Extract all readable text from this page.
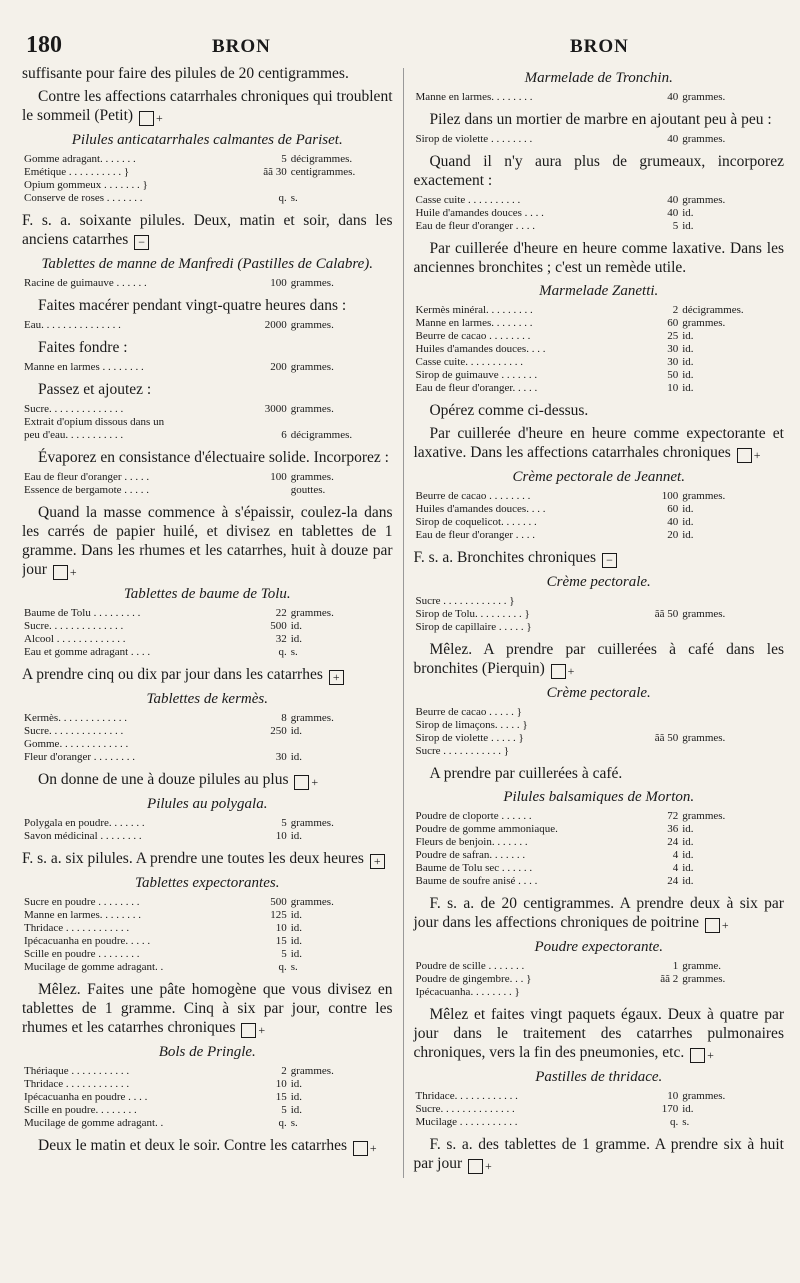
180	BRON	BRON

suffisante pour faire des pilules de 20 centigrammes.

Contre les affections catarrhales chroniques qui troublent le sommeil (Petit) +

Pilules anticatarrhales calmantes de Pariset.
Gomme adragant. . . . . . .	5	décigrammes.
Emétique . . . . . . . . . . }	ãã 30	centigrammes.
Opium gommeux . . . . . . . }		
Conserve de roses . . . . . . .	q.	s.

F. s. a. soixante pilules. Deux, matin et soir, dans les anciens catarrhes −

Tablettes de manne de Manfredi (Pastilles de Calabre).
Racine de guimauve . . . . . .	100	grammes.

Faites macérer pendant vingt-quatre heures dans :

Eau. . . . . . . . . . . . . . .	2000	grammes.

Faites fondre :

Manne en larmes . . . . . . . .	200	grammes.

Passez et ajoutez :

Sucre. . . . . . . . . . . . . .	3000	grammes.
Extrait d'opium dissous dans un		
peu d'eau. . . . . . . . . . .	6	décigrammes.

Évaporez en consistance d'électuaire solide. Incorporez :

Eau de fleur d'oranger . . . . .	100	grammes.
Essence de bergamote . . . . .		gouttes.

Quand la masse commence à s'épaissir, coulez-la dans les carrés de papier huilé, et divisez en tablettes de 1 gramme. Dans les rhumes et les catarrhes, huit à douze par jour +

Tablettes de baume de Tolu.
Baume de Tolu . . . . . . . . .	22	grammes.
Sucre. . . . . . . . . . . . . .	500	id.
Alcool . . . . . . . . . . . . .	32	id.
Eau et gomme adragant . . . .	q.	s.

A prendre cinq ou dix par jour dans les catarrhes +

Tablettes de kermès.
Kermès. . . . . . . . . . . . .	8	grammes.
Sucre. . . . . . . . . . . . . .	250	id.
Gomme. . . . . . . . . . . . .		
Fleur d'oranger . . . . . . . .	30	id.

On donne de une à douze pilules au plus +

Pilules au polygala.
Polygala en poudre. . . . . . .	5	grammes.
Savon médicinal . . . . . . . .	10	id.

F. s. a. six pilules. A prendre une toutes les deux heures +

Tablettes expectorantes.
Sucre en poudre . . . . . . . .	500	grammes.
Manne en larmes. . . . . . . .	125	id.
Thridace . . . . . . . . . . . .	10	id.
Ipécacuanha en poudre. . . . .	15	id.
Scille en poudre . . . . . . . .	5	id.
Mucilage de gomme adragant. .	q.	s.

Mêlez. Faites une pâte homogène que vous divisez en tablettes de 1 gramme. Cinq à six par jour, contre les rhumes et les catarrhes chroniques +

Bols de Pringle.
Thériaque . . . . . . . . . . .	2	grammes.
Thridace . . . . . . . . . . . .	10	id.
Ipécacuanha en poudre . . . .	15	id.
Scille en poudre. . . . . . . .	5	id.
Mucilage de gomme adragant. .	q.	s.

Deux le matin et deux le soir. Contre les catarrhes +

Marmelade de Tronchin.
Manne en larmes. . . . . . . .	40	grammes.

Pilez dans un mortier de marbre en ajoutant peu à peu :

Sirop de violette . . . . . . . .	40	grammes.

Quand il n'y aura plus de grumeaux, incorporez exactement :

Casse cuite . . . . . . . . . .	40	grammes.
Huile d'amandes douces . . . .	40	id.
Eau de fleur d'oranger . . . .	5	id.

Par cuillerée d'heure en heure comme laxative. Dans les anciennes bronchites ; c'est un remède utile.

Marmelade Zanetti.
Kermès minéral. . . . . . . . .	2	décigrammes.
Manne en larmes. . . . . . . .	60	grammes.
Beurre de cacao . . . . . . . .	25	id.
Huiles d'amandes douces. . . .	30	id.
Casse cuite. . . . . . . . . . .	30	id.
Sirop de guimauve . . . . . . .	50	id.
Eau de fleur d'oranger. . . . .	10	id.

Opérez comme ci-dessus.

Par cuillerée d'heure en heure comme expectorante et laxative. Dans les affections catarrhales chroniques +

Crème pectorale de Jeannet.
Beurre de cacao . . . . . . . .	100	grammes.
Huiles d'amandes douces. . . .	60	id.
Sirop de coquelicot. . . . . . .	40	id.
Eau de fleur d'oranger . . . .	20	id.

F. s. a. Bronchites chroniques −

Crème pectorale.
Sucre . . . . . . . . . . . . }		
Sirop de Tolu. . . . . . . . . }	ãã 50	grammes.
Sirop de capillaire . . . . . }		

Mêlez. A prendre par cuillerées à café dans les bronchites (Pierquin) +

Crème pectorale.
Beurre de cacao . . . . . }		
Sirop de limaçons. . . . . }		
Sirop de violette . . . . . }	ãã 50	grammes.
Sucre . . . . . . . . . . . }		

A prendre par cuillerées à café.

Pilules balsamiques de Morton.
Poudre de cloporte . . . . . .	72	grammes.
Poudre de gomme ammoniaque.	36	id.
Fleurs de benjoin. . . . . . .	24	id.
Poudre de safran. . . . . . .	4	id.
Baume de Tolu sec . . . . . .	4	id.
Baume de soufre anisé . . . .	24	id.

F. s. a. de 20 centigrammes. A prendre deux à six par jour dans les affections chroniques de poitrine +

Poudre expectorante.
Poudre de scille . . . . . . .	1	gramme.
Poudre de gingembre. . . }	ãã 2	grammes.
Ipécacuanha. . . . . . . . }		

Mêlez et faites vingt paquets égaux. Deux à quatre par jour dans le traitement des catarrhes pulmonaires chroniques, vers la fin des pneumonies, etc. +

Pastilles de thridace.
Thridace. . . . . . . . . . . .	10	grammes.
Sucre. . . . . . . . . . . . . .	170	id.
Mucilage . . . . . . . . . . .	q.	s.

F. s. a. des tablettes de 1 gramme. A prendre six à huit par jour +
